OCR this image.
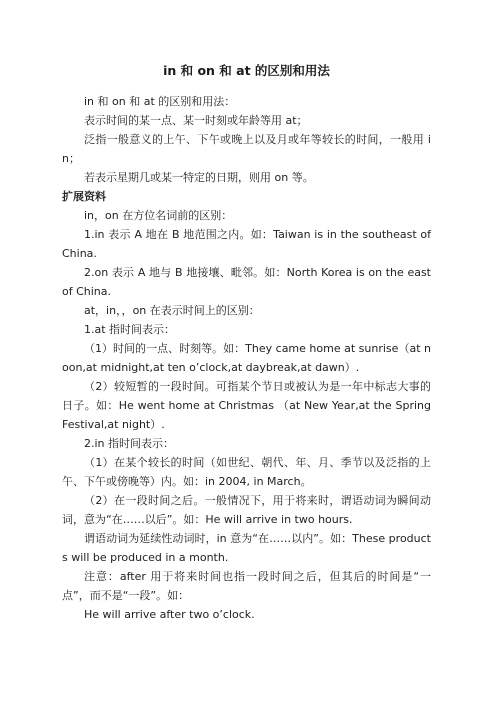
in 和 on 和 at 的区别和用法

in 和 on 和 at 的区别和用法：

表示时间的某一点、某一时刻或年龄等用 at；

泛指一般意义的上午、下午或晚上以及月或年等较长的时间，一般用 in；

若表示星期几或某一特定的日期，则用 on 等。

扩展资料

in，on 在方位名词前的区别：

1.in 表示 A 地在 B 地范围之内。如：Taiwan is in the southeast of China.

2.on 表示 A 地与 B 地接壤、毗邻。如：North Korea is on the east of China.

at，in，，on 在表示时间上的区别：

1.at 指时间表示：

（1）时间的一点、时刻等。如：They came home at sunrise（at noon,at midnight,at ten o’clock,at daybreak,at dawn）.

（2）较短暂的一段时间。可指某个节日或被认为是一年中标志大事的日子。如：He went home at Christmas （at New Year,at the Spring Festival,at night）.

2.in 指时间表示：

（1）在某个较长的时间（如世纪、朝代、年、月、季节以及泛指的上午、下午或傍晚等）内。如：in 2004, in March。

（2）在一段时间之后。一般情况下，用于将来时，谓语动词为瞬间动词，意为“在……以后”。如：He will arrive in two hours.

谓语动词为延续性动词时，in 意为“在……以内”。如：These products will be produced in a month.

注意：after 用于将来时间也指一段时间之后，但其后的时间是“一点”，而不是“一段”。如：

He will arrive after two o’clock.
